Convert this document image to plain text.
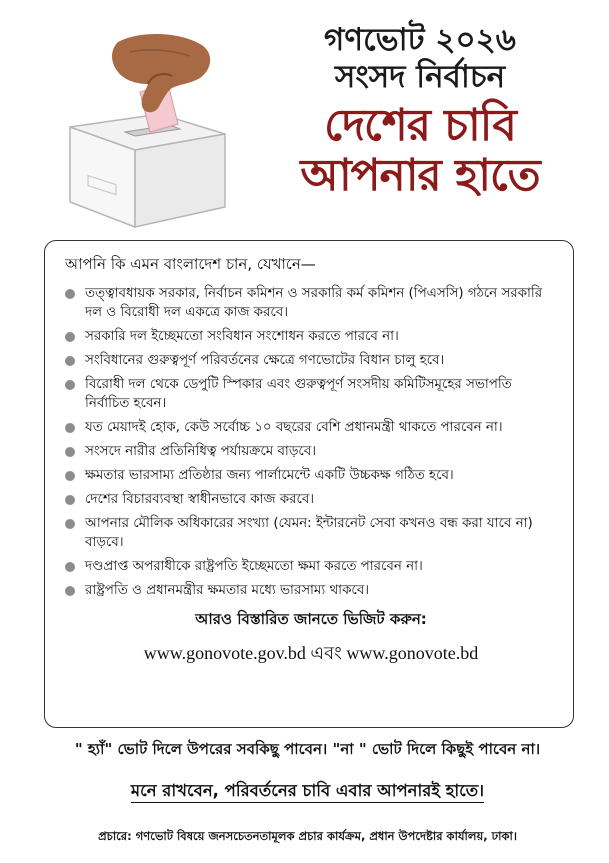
গণভোট ২০২৬
সংসদ নির্বাচন
দেশের চাবি
আপনার হাতে

আপনি কি এমন বাংলাদেশ চান, যেখানে—

তত্ত্বাবধায়ক সরকার, নির্বাচন কমিশন ও সরকারি কর্ম কমিশন (পিএসসি) গঠনে সরকারি দল ও বিরোধী দল একত্রে কাজ করবে।
সরকারি দল ইচ্ছেমতো সংবিধান সংশোধন করতে পারবে না।
সংবিধানের গুরুত্বপূর্ণ পরিবর্তনের ক্ষেত্রে গণভোটের বিধান চালু হবে।
বিরোধী দল থেকে ডেপুটি স্পিকার এবং গুরুত্বপূর্ণ সংসদীয় কমিটিসমূহের সভাপতি নির্বাচিত হবেন।
যত মেয়াদই হোক, কেউ সর্বোচ্চ ১০ বছরের বেশি প্রধানমন্ত্রী থাকতে পারবেন না।
সংসদে নারীর প্রতিনিধিত্ব পর্যায়ক্রমে বাড়বে।
ক্ষমতার ভারসাম্য প্রতিষ্ঠার জন্য পার্লামেন্টে একটি উচ্চকক্ষ গঠিত হবে।
দেশের বিচারব্যবস্থা স্বাধীনভাবে কাজ করবে।
আপনার মৌলিক অধিকারের সংখ্যা (যেমন: ইন্টারনেট সেবা কখনও বন্ধ করা যাবে না) বাড়বে।
দণ্ডপ্রাপ্ত অপরাধীকে রাষ্ট্রপতি ইচ্ছেমতো ক্ষমা করতে পারবেন না।
রাষ্ট্রপতি ও প্রধানমন্ত্রীর ক্ষমতার মধ্যে ভারসাম্য থাকবে।
আরও বিস্তারিত জানতে ভিজিট করুন:
www.gonovote.gov.bd এবং www.gonovote.bd
" হ্যাঁ" ভোট দিলে উপরের সবকিছু পাবেন। "না " ভোট দিলে কিছুই পাবেন না।
মনে রাখবেন, পরিবর্তনের চাবি এবার আপনারই হাতে।
প্রচারে: গণভোট বিষয়ে জনসচেতনতামূলক প্রচার কার্যক্রম, প্রধান উপদেষ্টার কার্যালয়, ঢাকা।
